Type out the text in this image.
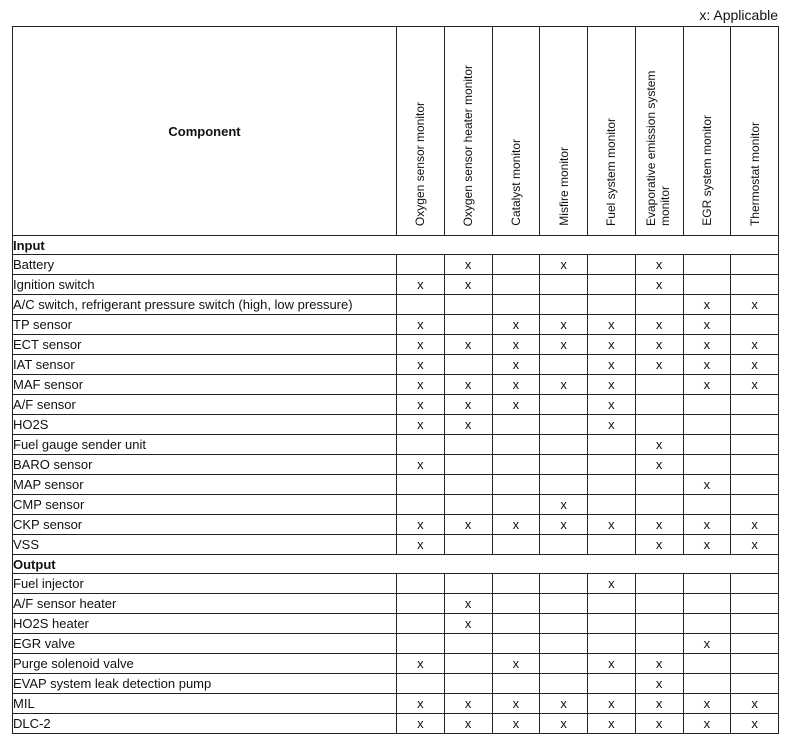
x: Applicable
Component	Oxygen sensor monitor	Oxygen sensor heater monitor	Catalyst monitor	Misfire monitor	Fuel system monitor	Evaporative emission system monitor	EGR system monitor	Thermostat monitor
Input								
Battery		x		x		x		
Ignition switch	x	x				x		
A/C switch, refrigerant pressure switch (high, low pressure)							x	x
TP sensor	x		x	x	x	x	x	
ECT sensor	x	x	x	x	x	x	x	x
IAT sensor	x		x		x	x	x	x
MAF sensor	x	x	x	x	x		x	x
A/F sensor	x	x	x		x			
HO2S	x	x			x			
Fuel gauge sender unit						x		
BARO sensor	x					x		
MAP sensor							x	
CMP sensor				x				
CKP sensor	x	x	x	x	x	x	x	x
VSS	x					x	x	x
Output								
Fuel injector					x			
A/F sensor heater		x						
HO2S heater		x						
EGR valve							x	
Purge solenoid valve	x		x		x	x		
EVAP system leak detection pump						x		
MIL	x	x	x	x	x	x	x	x
DLC-2	x	x	x	x	x	x	x	x
